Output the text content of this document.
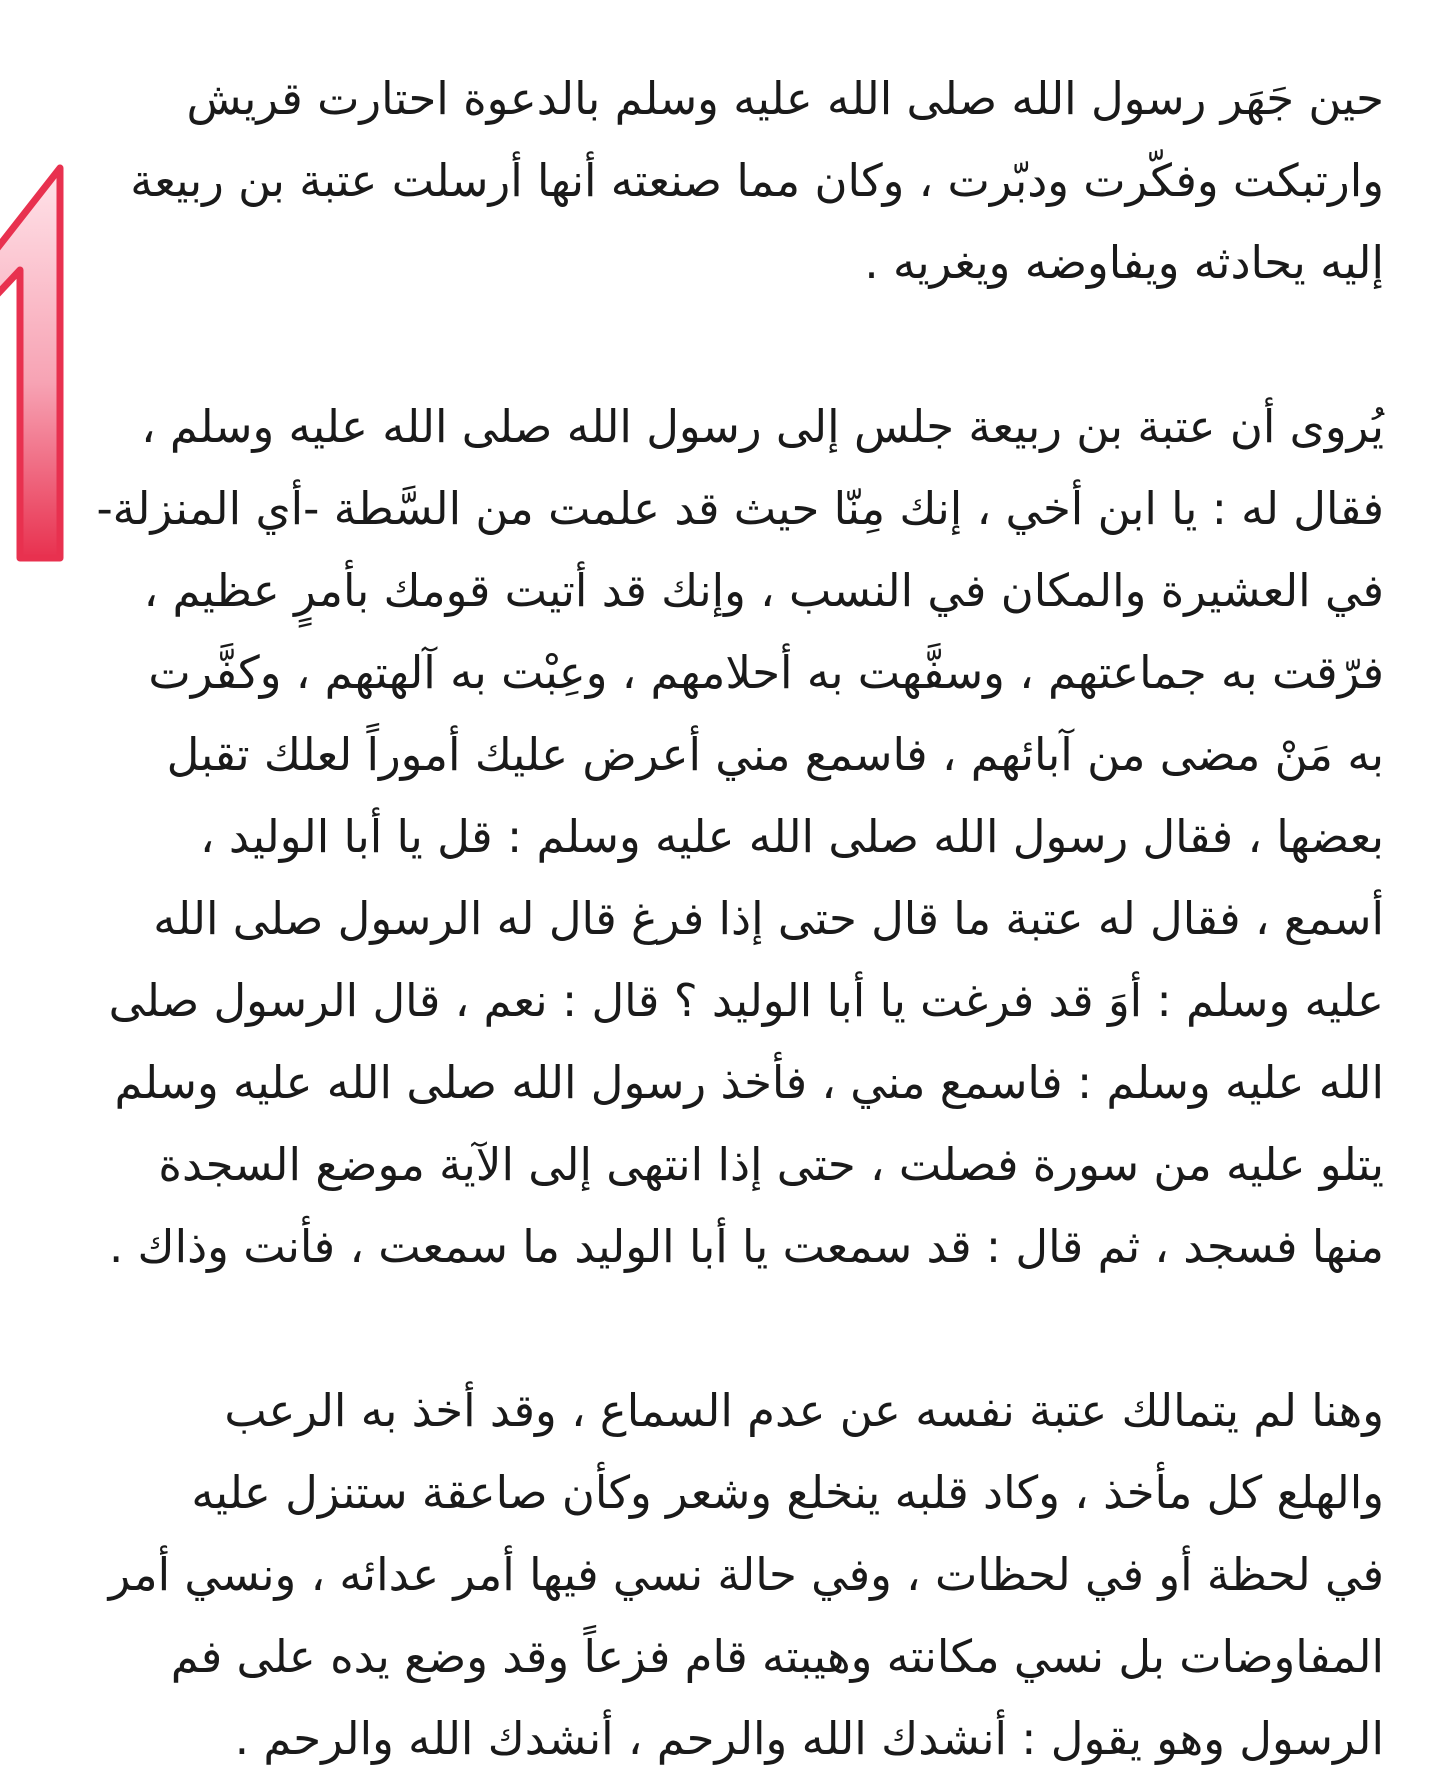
حين جَهَر رسول الله صلى الله عليه وسلم بالدعوة احتارت قريش
وارتبكت وفكّرت ودبّرت ، وكان مما صنعته أنها أرسلت عتبة بن ربيعة
إليه يحادثه ويفاوضه ويغريه .
يُروى أن عتبة بن ربيعة جلس إلى رسول الله صلى الله عليه وسلم ،
فقال له : يا ابن أخي ، إنك مِنّا حيث قد علمت من السَّطة -أي المنزلة-
في العشيرة والمكان في النسب ، وإنك قد أتيت قومك بأمرٍ عظيم ،
فرّقت به جماعتهم ، وسفَّهت به أحلامهم ، وعِبْت به آلهتهم ، وكفَّرت
به مَنْ مضى من آبائهم ، فاسمع مني أعرض عليك أموراً لعلك تقبل
بعضها ، فقال رسول الله صلى الله عليه وسلم : قل يا أبا الوليد ،
أسمع ، فقال له عتبة ما قال حتى إذا فرغ قال له الرسول صلى الله
عليه وسلم : أوَ قد فرغت يا أبا الوليد ؟ قال : نعم ، قال الرسول صلى
الله عليه وسلم : فاسمع مني ، فأخذ رسول الله صلى الله عليه وسلم
يتلو عليه من سورة فصلت ، حتى إذا انتهى إلى الآية موضع السجدة
منها فسجد ، ثم قال : قد سمعت يا أبا الوليد ما سمعت ، فأنت وذاك .
وهنا لم يتمالك عتبة نفسه عن عدم السماع ، وقد أخذ به الرعب
والهلع كل مأخذ ، وكاد قلبه ينخلع وشعر وكأن صاعقة ستنزل عليه
في لحظة أو في لحظات ، وفي حالة نسي فيها أمر عدائه ، ونسي أمر
المفاوضات بل نسي مكانته وهيبته قام فزعاً وقد وضع يده على فم
الرسول وهو يقول : أنشدك الله والرحم ، أنشدك الله والرحم .
